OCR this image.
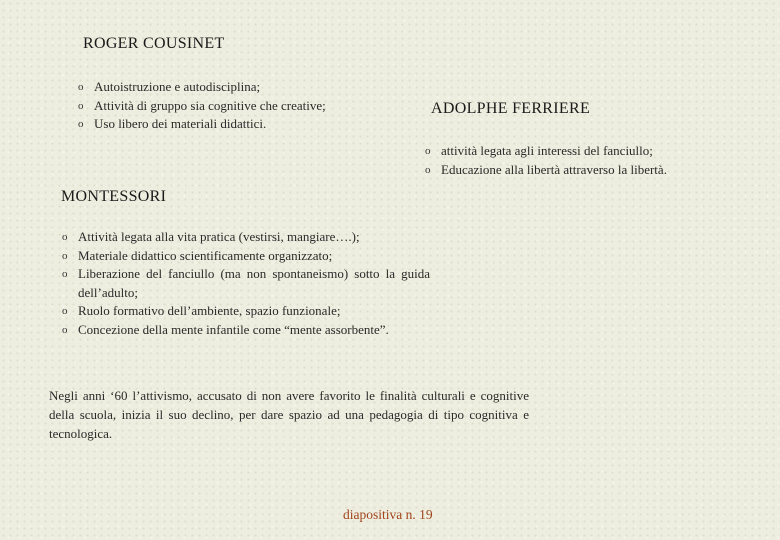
ROGER COUSINET
o Autoistruzione e autodisciplina;
o Attività di gruppo sia cognitive che creative;
o Uso libero dei materiali didattici.
ADOLPHE FERRIERE
o attività legata agli interessi del fanciullo;
o Educazione alla libertà attraverso la libertà.
MONTESSORI
o Attività legata alla vita pratica (vestirsi, mangiare….);
o Materiale didattico scientificamente organizzato;
o Liberazione del fanciullo (ma non spontaneismo) sotto la guida dell’adulto;
o Ruolo formativo dell’ambiente, spazio funzionale;
o Concezione della mente infantile come “mente assorbente”.
Negli anni ‘60 l’attivismo, accusato di non avere favorito le finalità culturali e cognitive della scuola, inizia il suo declino, per dare spazio ad una pedagogia di tipo cognitiva e tecnologica.
diapositiva n. 19
